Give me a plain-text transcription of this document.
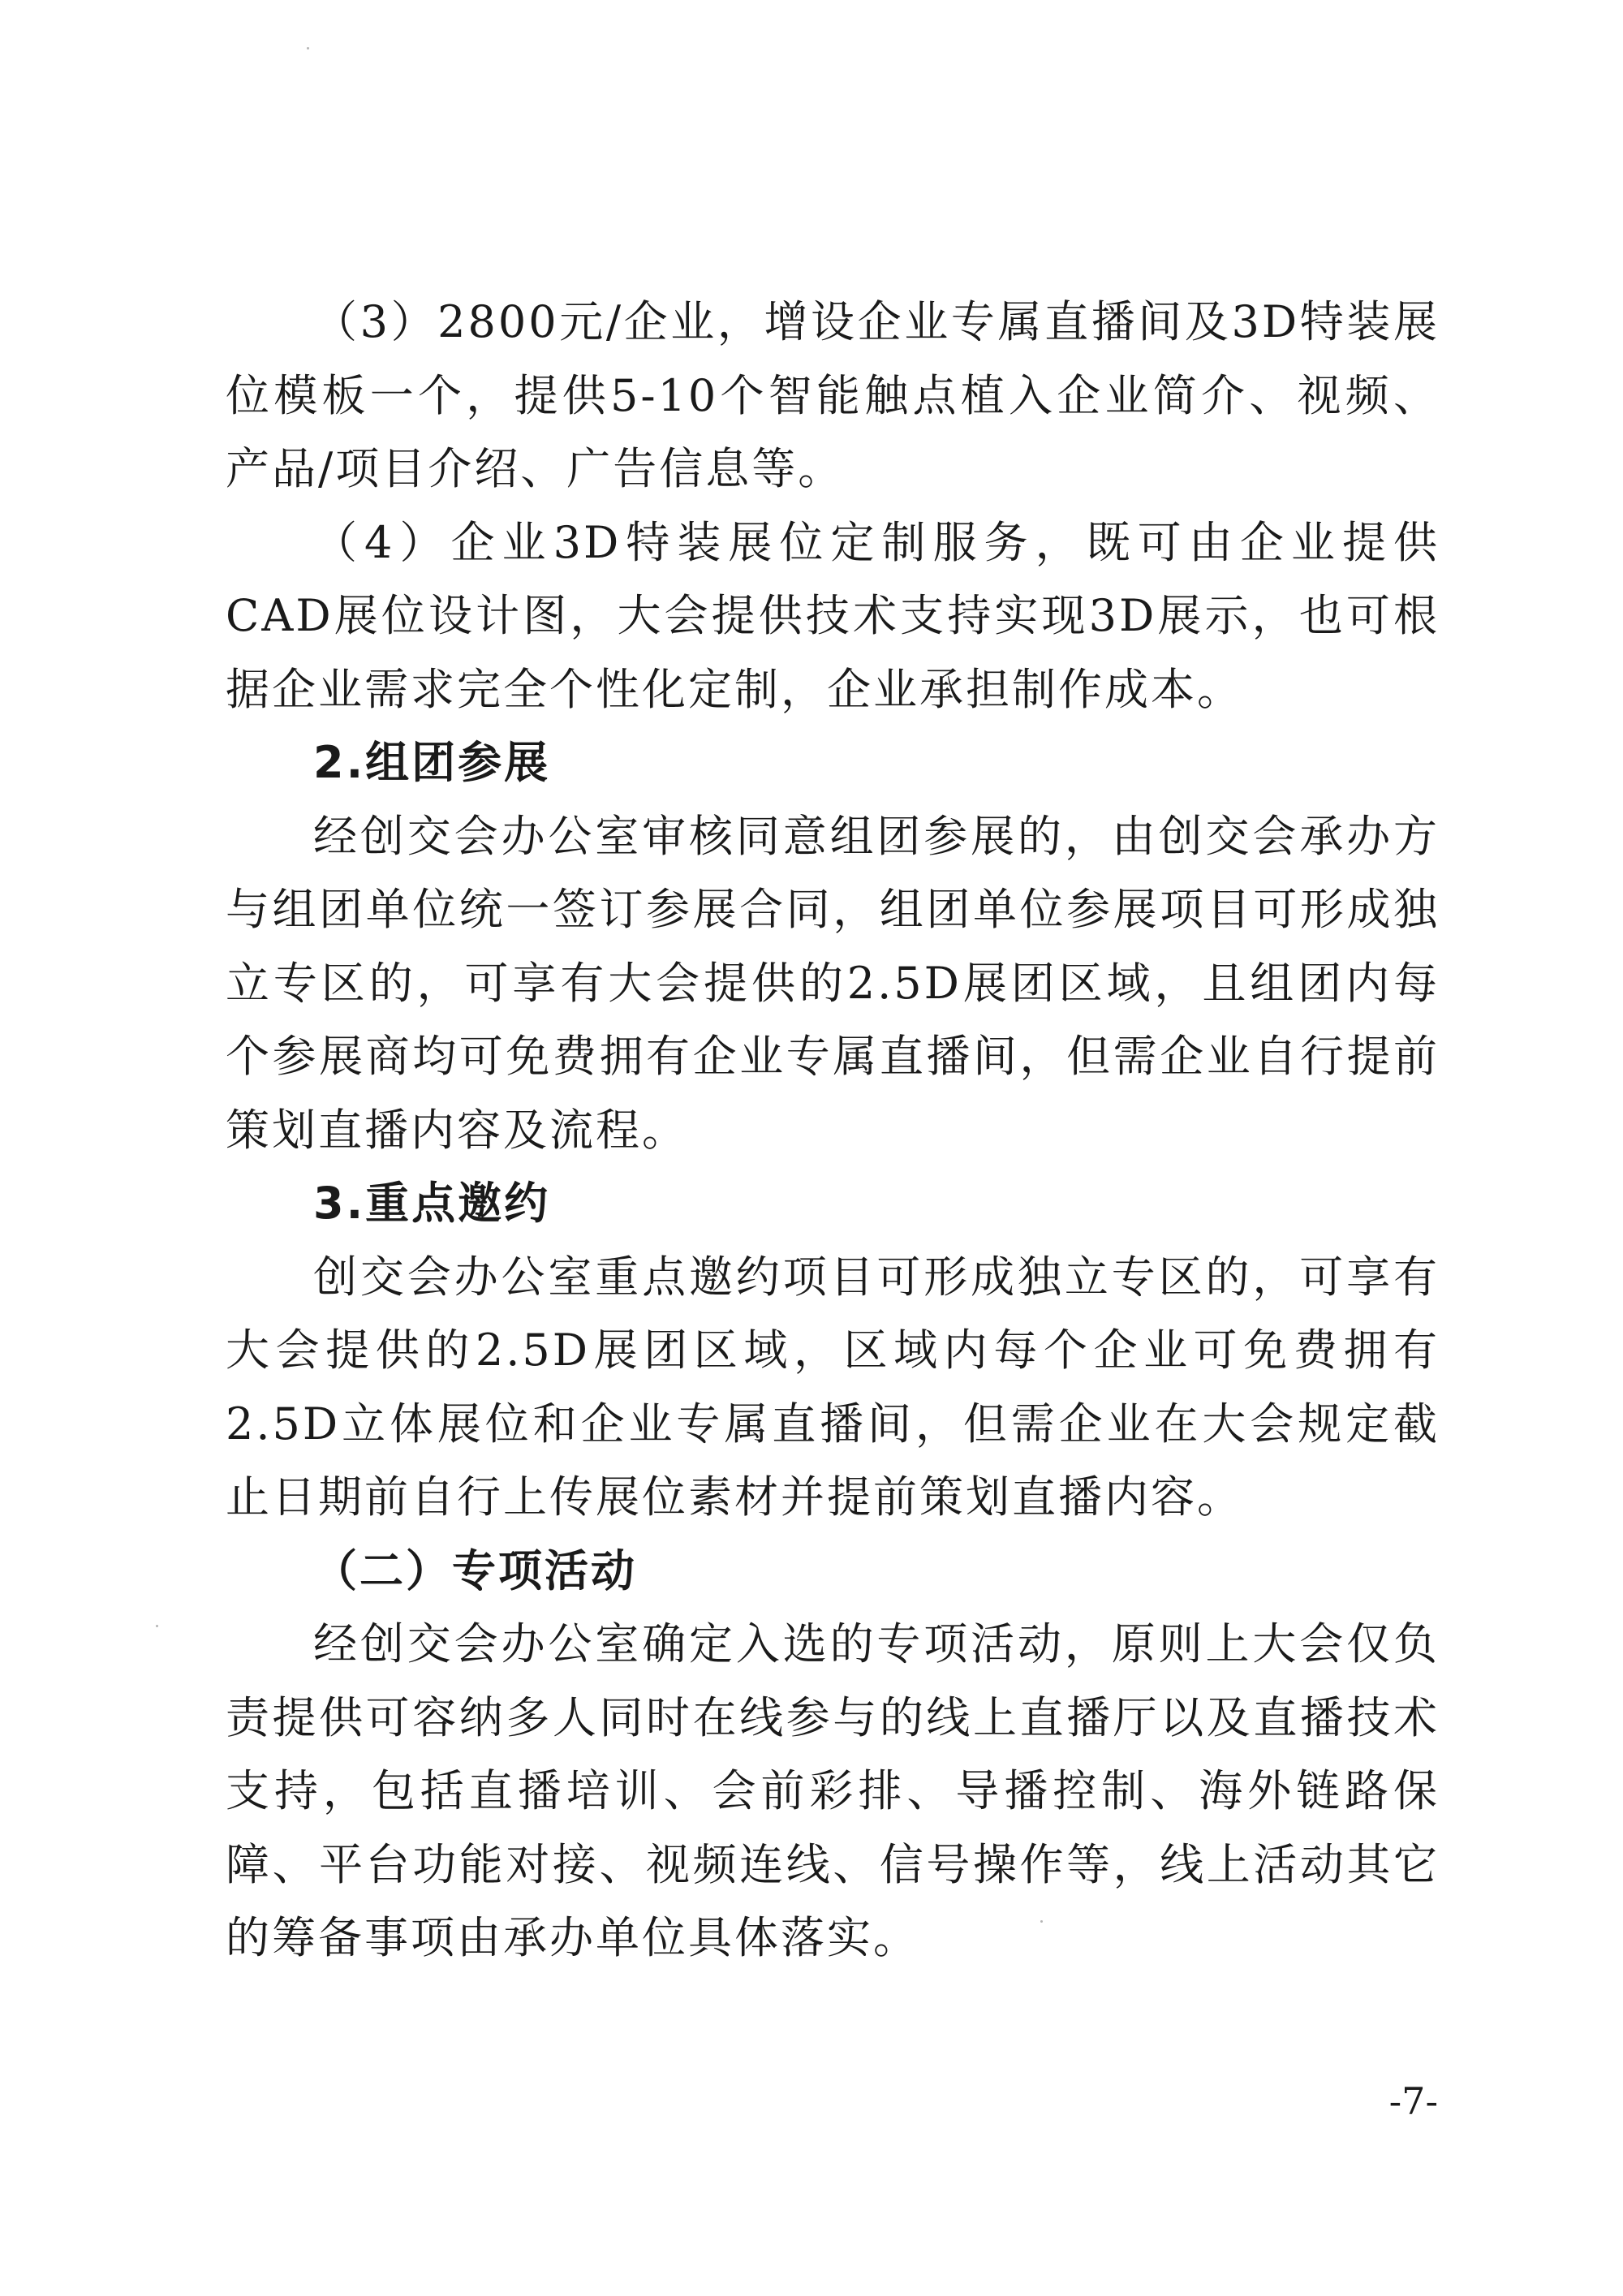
（3）2800元/企业，增设企业专属直播间及3D特装展位模板一个，提供5-10个智能触点植入企业简介、视频、产品/项目介绍、广告信息等。

（4）企业3D特装展位定制服务，既可由企业提供CAD展位设计图，大会提供技术支持实现3D展示，也可根据企业需求完全个性化定制，企业承担制作成本。

2.组团参展

经创交会办公室审核同意组团参展的，由创交会承办方与组团单位统一签订参展合同，组团单位参展项目可形成独立专区的，可享有大会提供的2.5D展团区域，且组团内每个参展商均可免费拥有企业专属直播间，但需企业自行提前策划直播内容及流程。

3.重点邀约

创交会办公室重点邀约项目可形成独立专区的，可享有大会提供的2.5D展团区域，区域内每个企业可免费拥有2.5D立体展位和企业专属直播间，但需企业在大会规定截止日期前自行上传展位素材并提前策划直播内容。

（二）专项活动

经创交会办公室确定入选的专项活动，原则上大会仅负责提供可容纳多人同时在线参与的线上直播厅以及直播技术支持，包括直播培训、会前彩排、导播控制、海外链路保障、平台功能对接、视频连线、信号操作等，线上活动其它的筹备事项由承办单位具体落实。

-7-
